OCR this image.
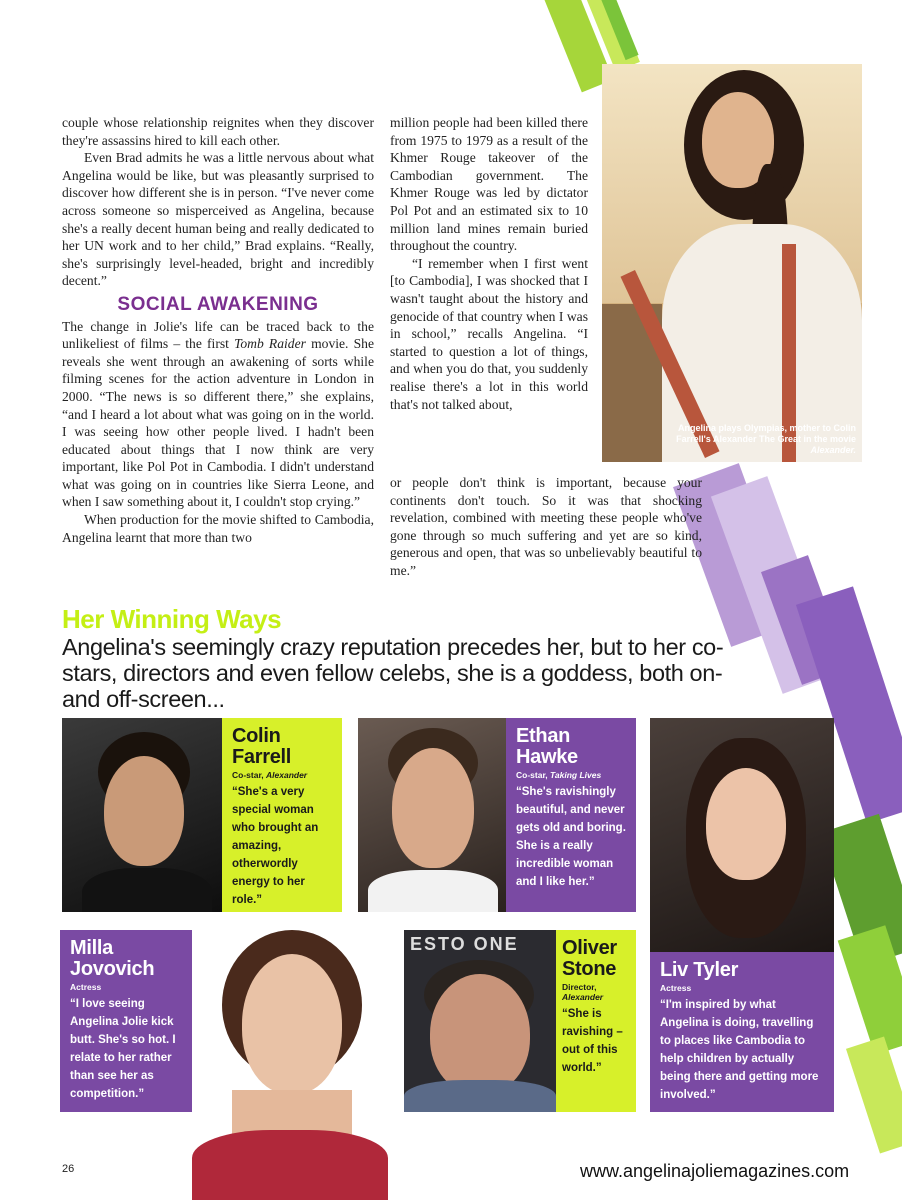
couple whose relationship reignites when they discover they're assassins hired to kill each other.

Even Brad admits he was a little nervous about what Angelina would be like, but was pleasantly surprised to discover how different she is in person. “I've never come across someone so misperceived as Angelina, because she's a really decent human being and really dedicated to her UN work and to her child,” Brad explains. “Really, she's surprisingly level-headed, bright and incredibly decent.”

SOCIAL AWAKENING

The change in Jolie's life can be traced back to the unlikeliest of films – the first Tomb Raider movie. She reveals she went through an awakening of sorts while filming scenes for the action adventure in London in 2000. “The news is so different there,” she explains, “and I heard a lot about what was going on in the world. I was seeing how other people lived. I hadn't been educated about things that I now think are very important, like Pol Pot in Cambodia. I didn't understand what was going on in countries like Sierra Leone, and when I saw something about it, I couldn't stop crying.”

When production for the movie shifted to Cambodia, Angelina learnt that more than two

million people had been killed there from 1975 to 1979 as a result of the Khmer Rouge takeover of the Cambodian government. The Khmer Rouge was led by dictator Pol Pot and an estimated six to 10 million land mines remain buried throughout the country.

“I remember when I first went [to Cambodia], I was shocked that I wasn't taught about the history and genocide of that country when I was in school,” recalls Angelina. “I started to question a lot of things, and when you do that, you suddenly realise there's a lot in this world that's not talked about,

or people don't think is important, because your continents don't touch. So it was that shocking revelation, combined with meeting these people who've gone through so much suffering and yet are so kind, generous and open, that was so unbelievably beautiful to me.”

Angelina plays Olympias, mother to Colin Farrell's Alexander The Great in the movie Alexander.
Her Winning Ways
Angelina's seemingly crazy reputation precedes her, but to her co-stars, directors and even fellow celebs, she is a goddess, both on- and off-screen...
Colin Farrell
Co-star, Alexander
“She's a very special woman who brought an amazing, otherwordly energy to her role.”
Ethan Hawke
Co-star, Taking Lives
“She's ravishingly beautiful, and never gets old and boring. She is a really incredible woman and I like her.”
Liv Tyler
Actress
“I'm inspired by what Angelina is doing, travelling to places like Cambodia to help children by actually being there and getting more involved.”
Milla Jovovich
Actress
“I love seeing Angelina Jolie kick butt. She's so hot. I relate to her rather than see her as competition.”
ESTO ONE Oliver Stone
Director, Alexander
“She is ravishing – out of this world.”
26	www.angelinajoliemagazines.com
